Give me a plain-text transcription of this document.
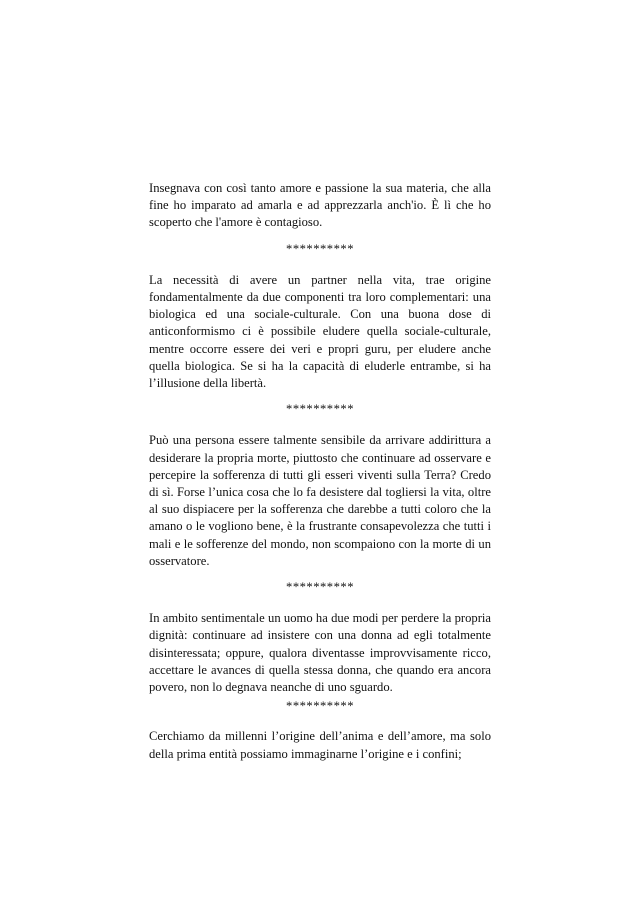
Insegnava con così tanto amore e passione la sua materia, che alla fine ho imparato ad amarla e ad apprezzarla anch'io. È lì che ho scoperto che l'amore è contagioso.

**********

La necessità di avere un partner nella vita, trae origine fondamentalmente da due componenti tra loro complementari: una biologica ed una sociale-culturale. Con una buona dose di anticonformismo ci è possibile eludere quella sociale-culturale, mentre occorre essere dei veri e propri guru, per eludere anche quella biologica. Se si ha la capacità di eluderle entrambe, si ha l’illusione della libertà.

**********

Può una persona essere talmente sensibile da arrivare addirittura a desiderare la propria morte, piuttosto che continuare ad osservare e percepire la sofferenza di tutti gli esseri viventi sulla Terra? Credo di sì. Forse l’unica cosa che lo fa desistere dal togliersi la vita, oltre al suo dispiacere per la sofferenza che darebbe a tutti coloro che la amano o le vogliono bene, è la frustrante consapevolezza che tutti i mali e le sofferenze del mondo, non scompaiono con la morte di un osservatore.

**********

In ambito sentimentale un uomo ha due modi per perdere la propria dignità: continuare ad insistere con una donna ad egli totalmente disinteressata; oppure, qualora diventasse improvvisamente ricco, accettare le avances di quella stessa donna, che quando era ancora povero, non lo degnava neanche di uno sguardo.

**********

Cerchiamo da millenni l’origine dell’anima e dell’amore, ma solo della prima entità possiamo immaginarne l’origine e i confini;
